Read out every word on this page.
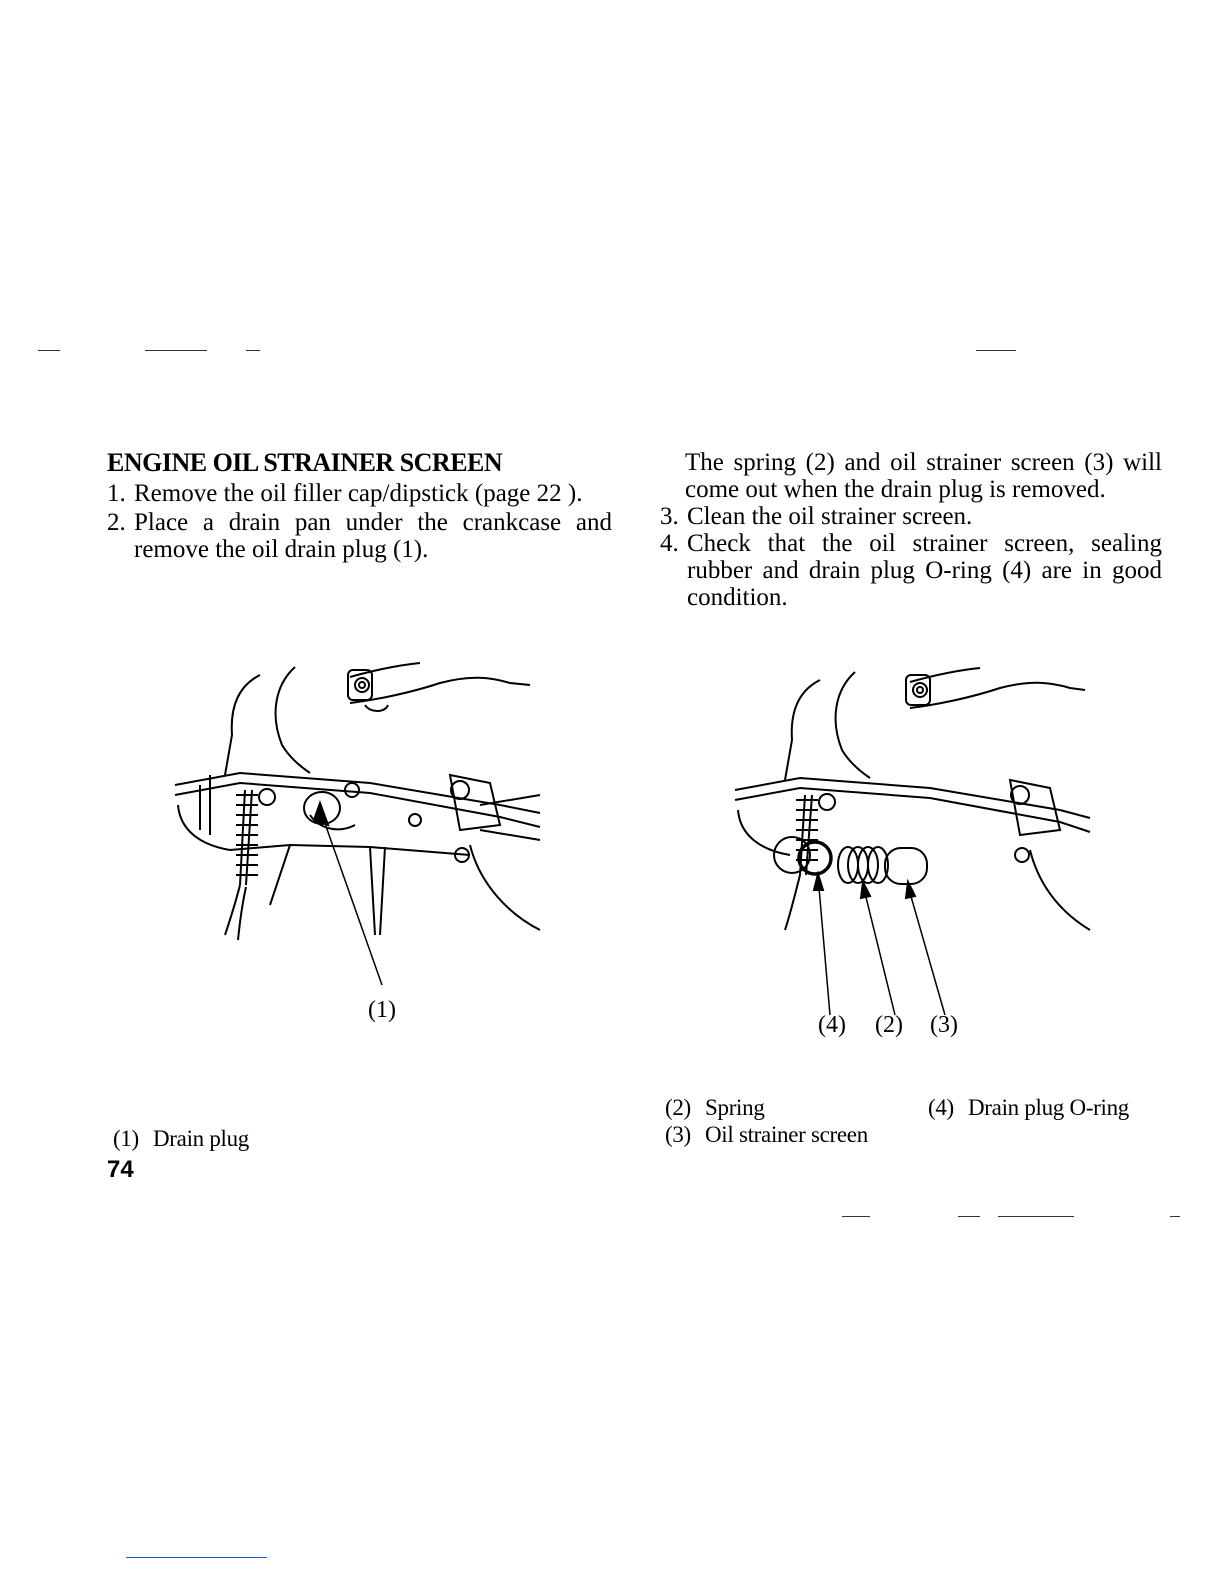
ENGINE OIL STRAINER SCREEN
1. Remove the oil filler cap/dipstick (page 22 ).
2. Place a drain pan under the crankcase and remove the oil drain plug (1).
The spring (2) and oil strainer screen (3) will come out when the drain plug is removed.
3. Clean the oil strainer screen.
4. Check that the oil strainer screen, sealing rubber and drain plug O-ring (4) are in good condition.
(1)
(4) (2) (3)
(1) Drain plug
(2) Spring
(3) Oil strainer screen
(4) Drain plug O-ring
74
